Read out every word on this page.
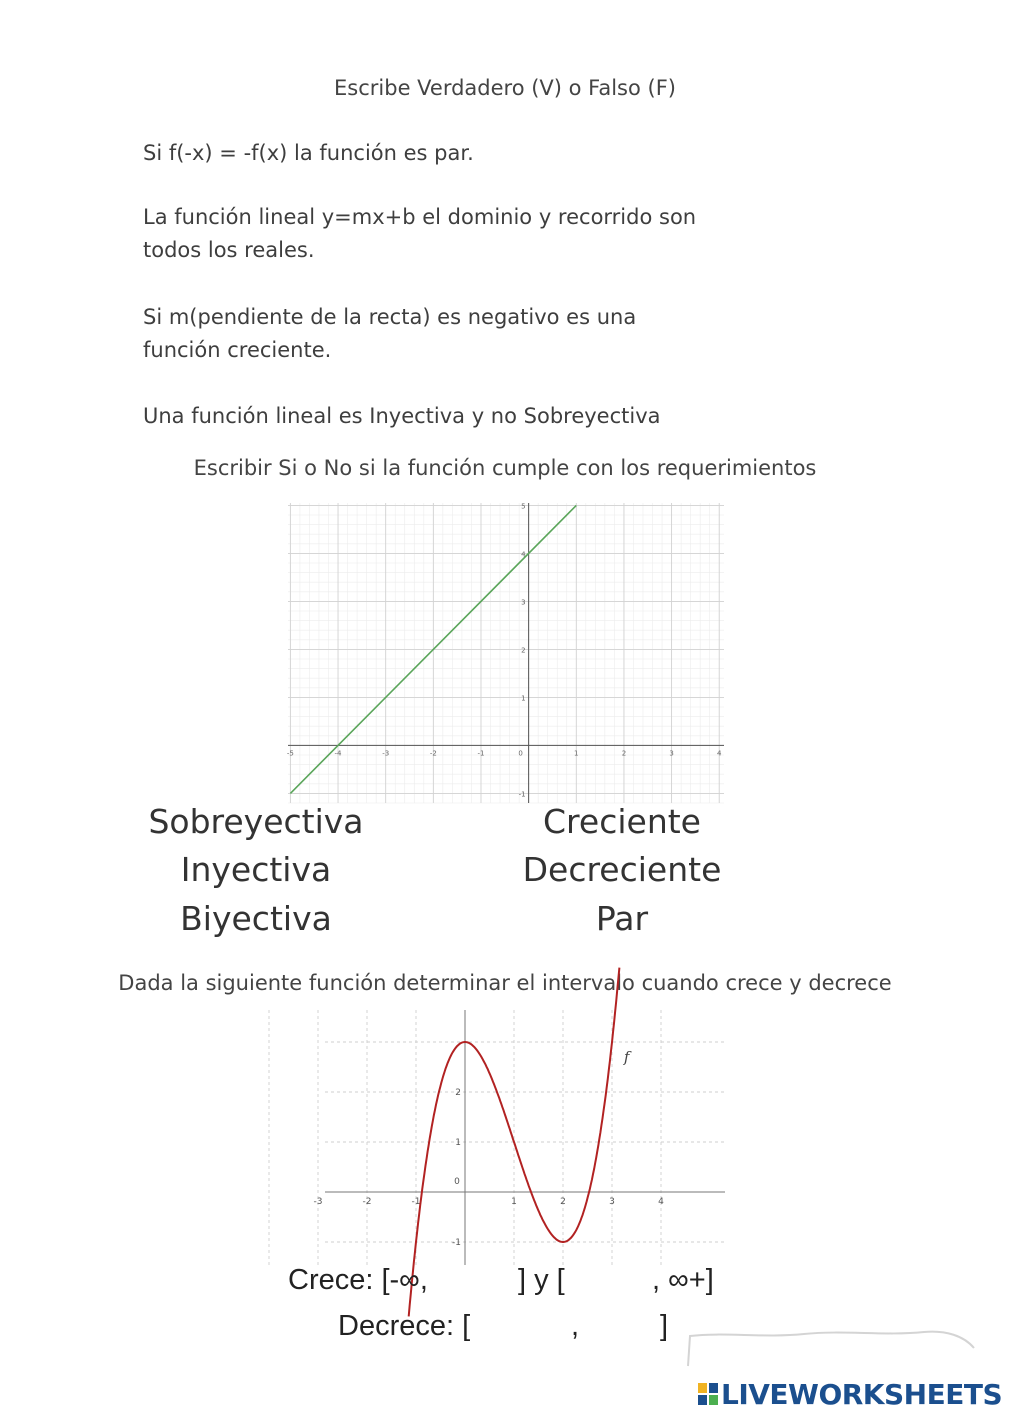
Escribe Verdadero (V) o Falso (F)
Si f(-x) = -f(x) la función es par.
La función lineal y=mx+b el dominio y recorrido son
todos los reales.
Si m(pendiente de la recta) es negativo es una
función creciente.
Una función lineal es Inyectiva y no Sobreyectiva
Escribir Si o No si la función cumple con los requerimientos
-5	-4	-3	-2	-1	0	1	2	3	4
-1
1
2
3
4
5
Sobreyectiva
Inyectiva
Biyectiva
Creciente
Decreciente
Par
Dada la siguiente función determinar el intervalo cuando crece y decrece
-3	-2	-1
0
1	2	3	4
-1
1
2
f
Crece: [-∞,	] y [	, ∞+]
Decrece: [	,	]
LIVEWORKSHEETS
